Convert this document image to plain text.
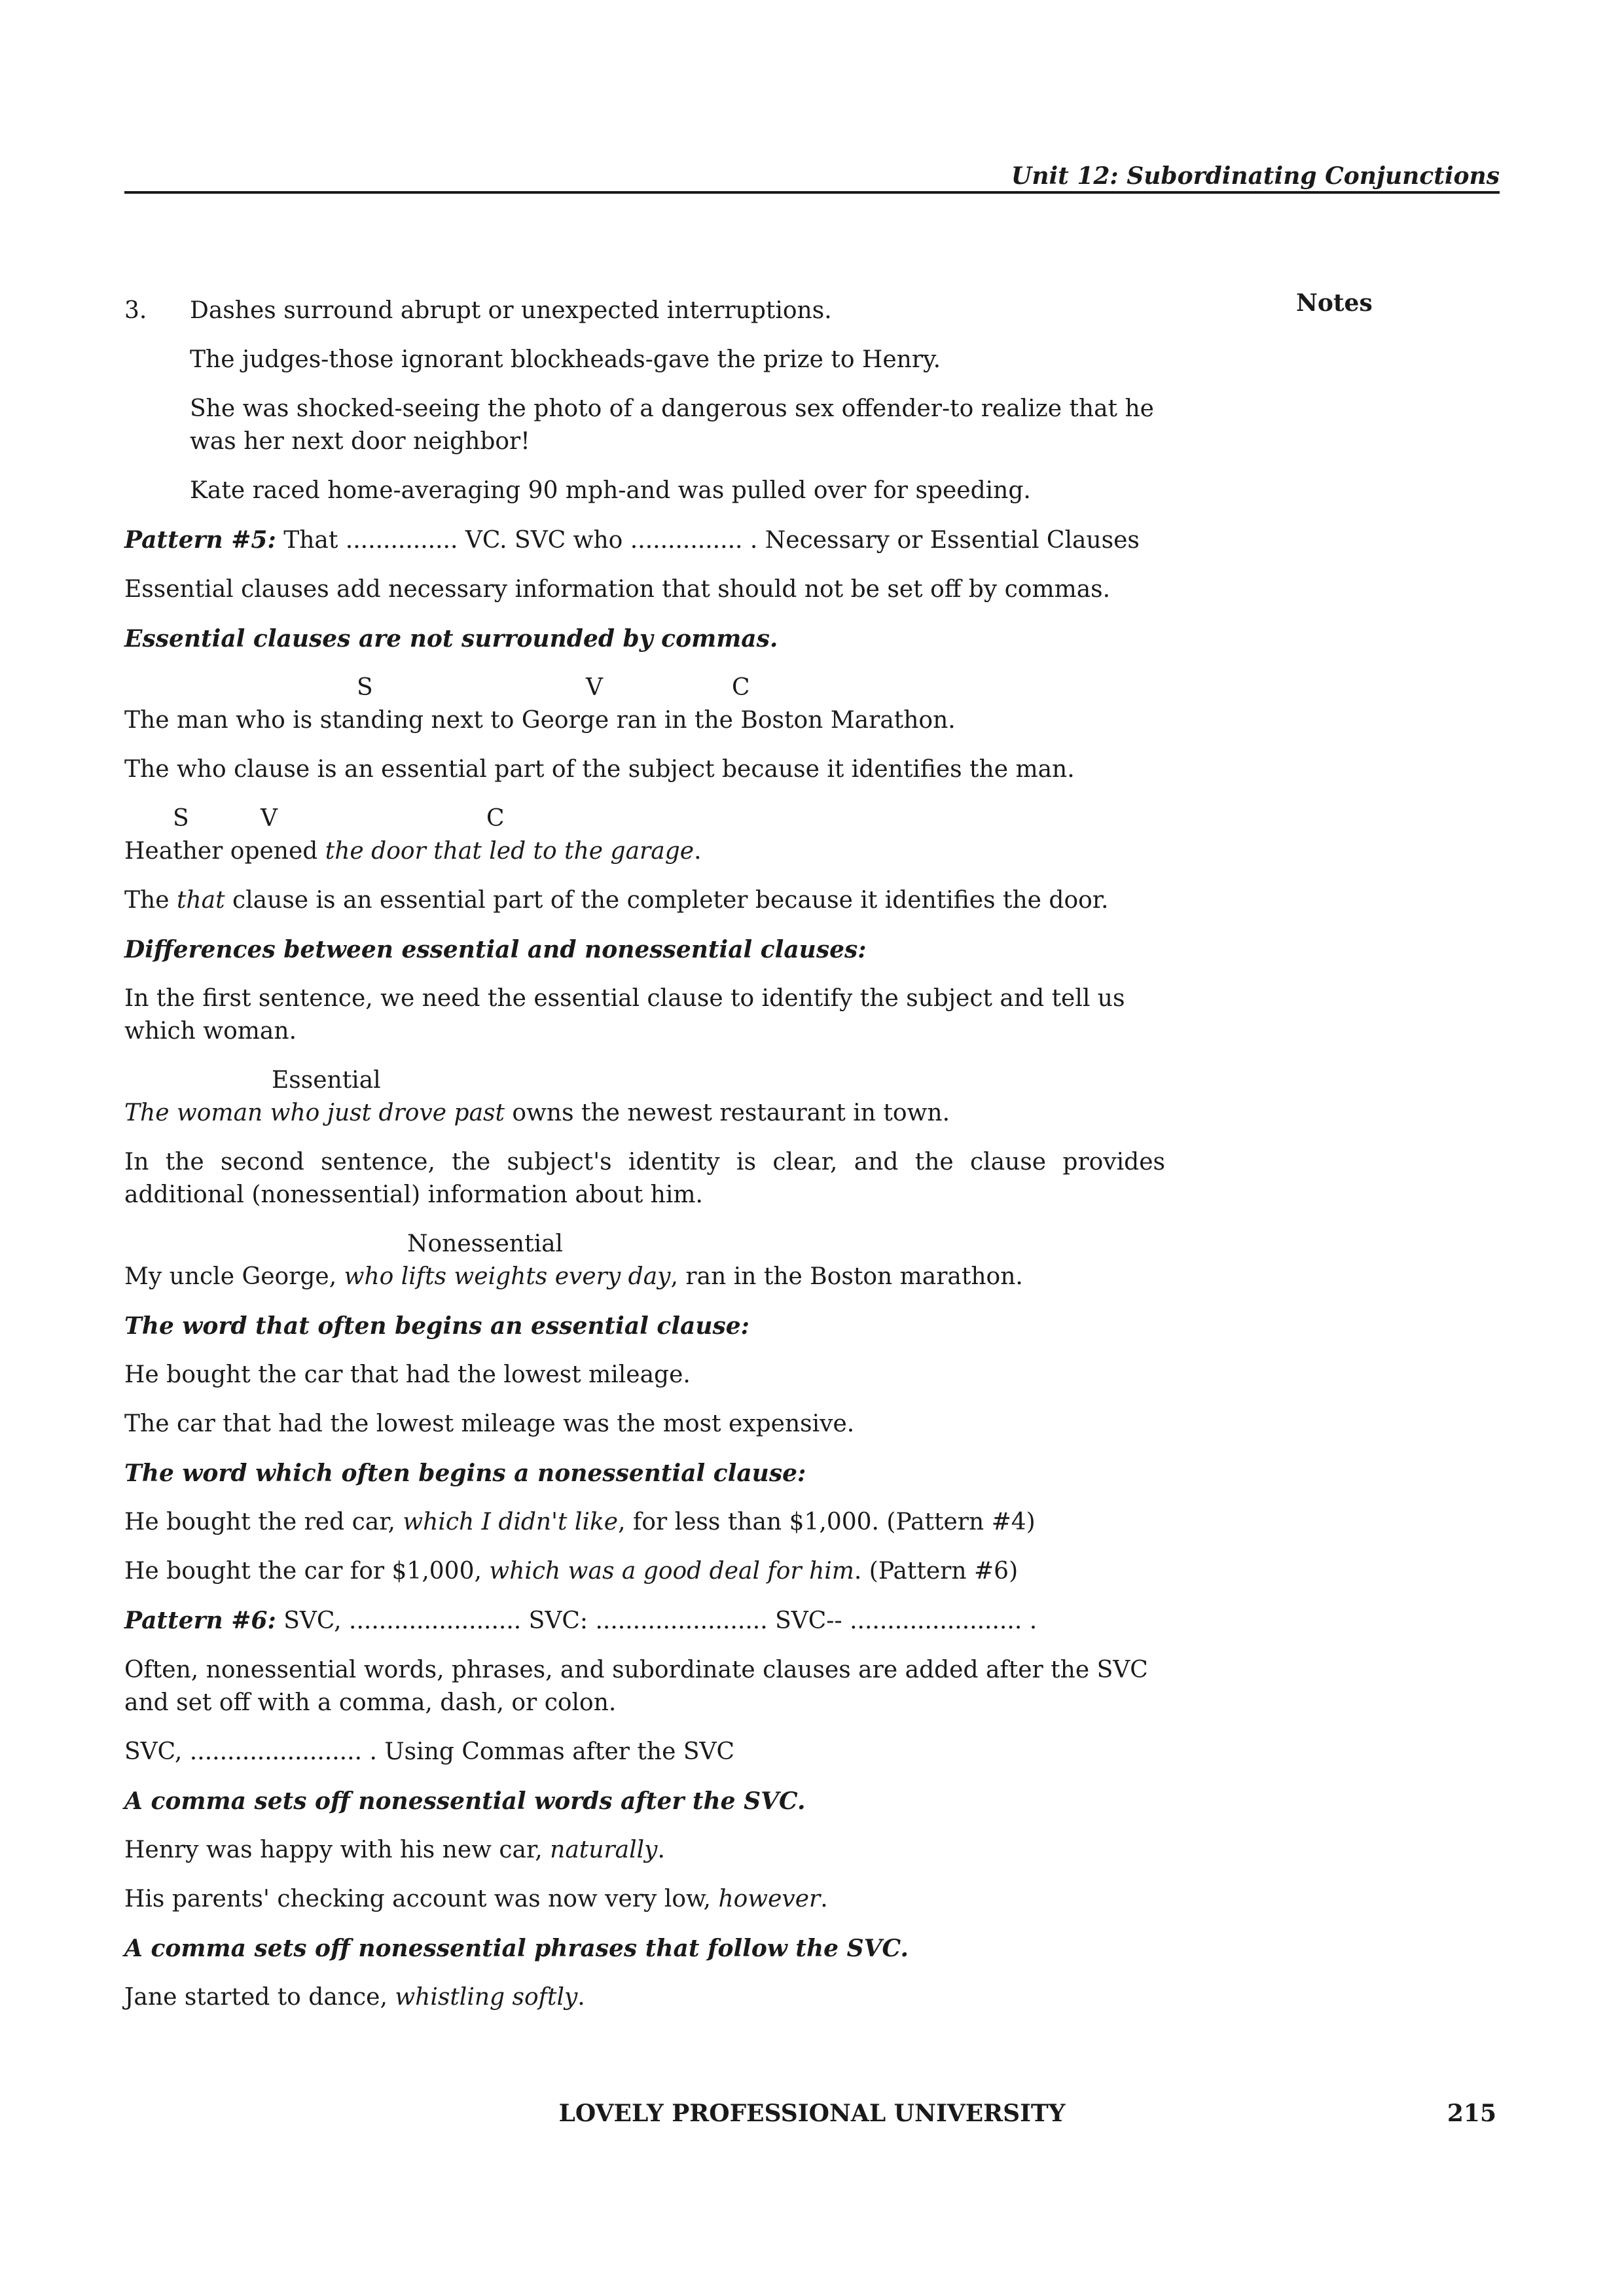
Unit 12: Subordinating Conjunctions
Notes
3.	Dashes surround abrupt or unexpected interruptions.

The judges-those ignorant blockheads-gave the prize to Henry.

She was shocked-seeing the photo of a dangerous sex offender-to realize that he was her next door neighbor!

Kate raced home-averaging 90 mph-and was pulled over for speeding.

Pattern #5: That ............... VC. SVC who ............... . Necessary or Essential Clauses

Essential clauses add necessary information that should not be set off by commas.

Essential clauses are not surrounded by commas.

S	V	C

The man who is standing next to George ran in the Boston Marathon.

The who clause is an essential part of the subject because it identifies the man.

S	V	C

Heather opened the door that led to the garage.

The that clause is an essential part of the completer because it identifies the door.

Differences between essential and nonessential clauses:

In the first sentence, we need the essential clause to identify the subject and tell us which woman.

Essential

The woman who just drove past owns the newest restaurant in town.

In the second sentence, the subject's identity is clear, and the clause provides additional (nonessential) information about him.

Nonessential

My uncle George, who lifts weights every day, ran in the Boston marathon.

The word that often begins an essential clause:

He bought the car that had the lowest mileage.

The car that had the lowest mileage was the most expensive.

The word which often begins a nonessential clause:

He bought the red car, which I didn't like, for less than $1,000. (Pattern #4)

He bought the car for $1,000, which was a good deal for him. (Pattern #6)

Pattern #6: SVC, ....................... SVC: ....................... SVC-- ....................... .

Often, nonessential words, phrases, and subordinate clauses are added after the SVC and set off with a comma, dash, or colon.

SVC, ....................... . Using Commas after the SVC

A comma sets off nonessential words after the SVC.

Henry was happy with his new car, naturally.

His parents' checking account was now very low, however.

A comma sets off nonessential phrases that follow the SVC.

Jane started to dance, whistling softly.

LOVELY PROFESSIONAL UNIVERSITY	215
